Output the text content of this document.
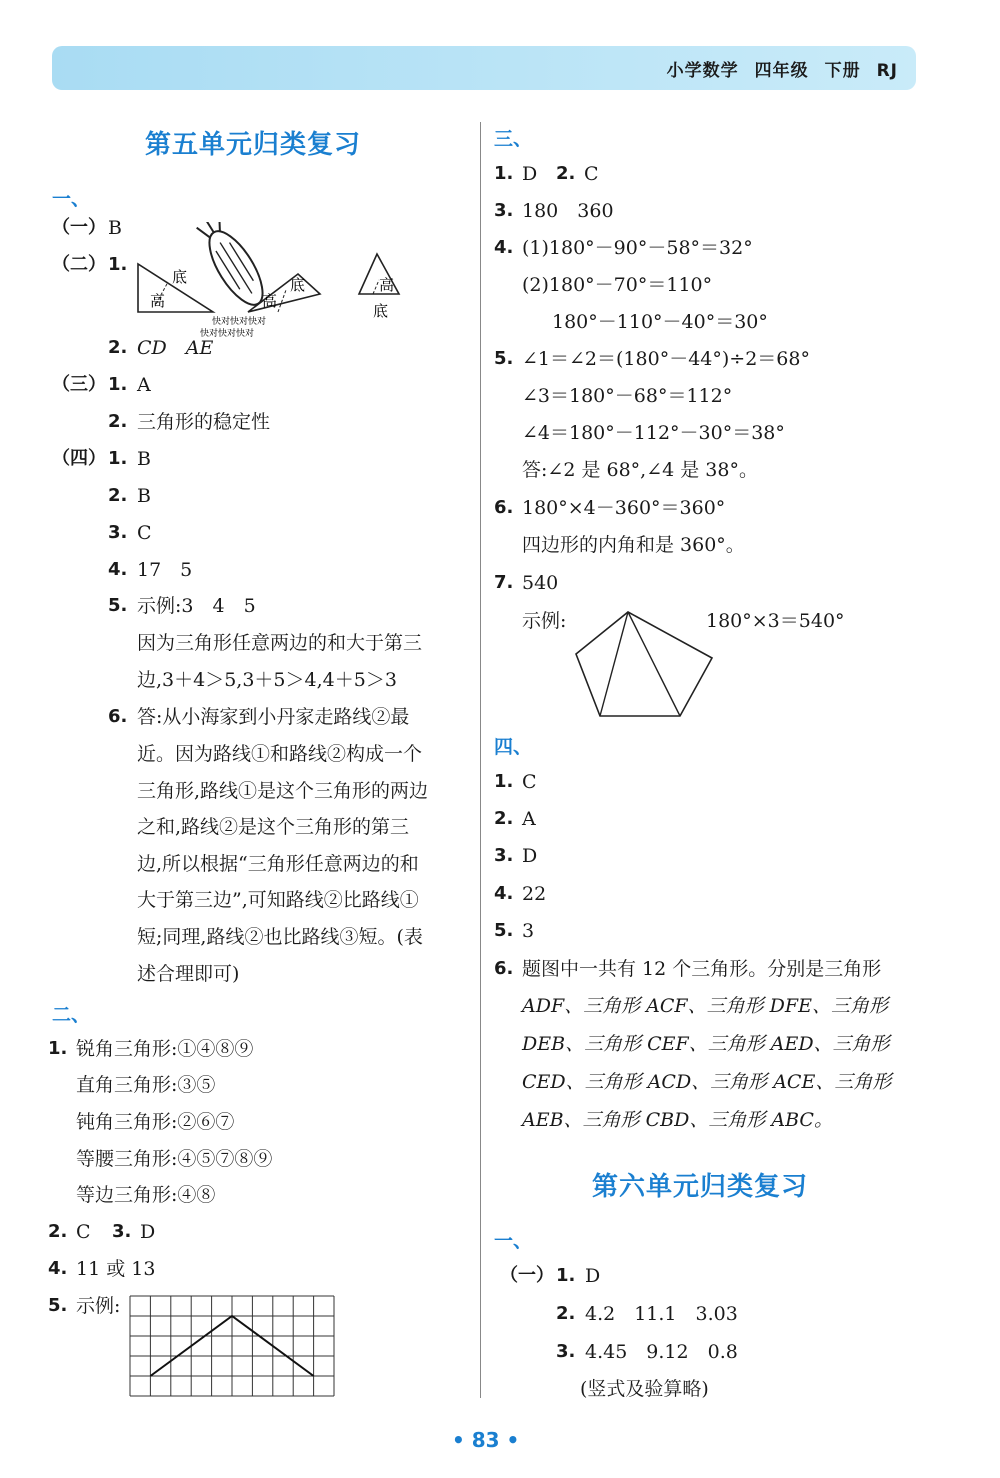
小学数学 四年级 下册 RJ
第五单元归类复习
一、
（一） B
（二） 1.
底
高
底
高
快对快对快对
快对快对快对
高
底
2. CD　AE
（三） 1. A
2. 三角形的稳定性
（四） 1. B
2. B
3. C
4. 17　5
5. 示例:3　4　5
因为三角形任意两边的和大于第三
边,3＋4＞5,3＋5＞4,4＋5＞3
6. 答:从小海家到小丹家走路线②最
近。因为路线①和路线②构成一个
三角形,路线①是这个三角形的两边
之和,路线②是这个三角形的第三
边,所以根据“三角形任意两边的和
大于第三边”,可知路线②比路线①
短;同理,路线②也比路线③短。(表
述合理即可)
二、
1. 锐角三角形:①④⑧⑨
直角三角形:③⑤
钝角三角形:②⑥⑦
等腰三角形:④⑤⑦⑧⑨
等边三角形:④⑧
2. C 3. D
4. 11 或 13
5. 示例:
三、
1. D 2. C
3. 180　360
4. (1)180°－90°－58°＝32°
(2)180°－70°＝110°
180°－110°－40°＝30°
5. ∠1＝∠2＝(180°－44°)÷2＝68°
∠3＝180°－68°＝112°
∠4＝180°－112°－30°＝38°
答:∠2 是 68°,∠4 是 38°。
6. 180°×4－360°＝360°
四边形的内角和是 360°。
7. 540
示例:	180°×3＝540°
四、
1. C
2. A
3. D
4. 22
5. 3
6. 题图中一共有 12 个三角形。分别是三角形
ADF、三角形 ACF、三角形 DFE、三角形
DEB、三角形 CEF、三角形 AED、三角形
CED、三角形 ACD、三角形 ACE、三角形
AEB、三角形 CBD、三角形 ABC。
第六单元归类复习
一、
（一） 1. D
2. 4.2　11.1　3.03
3. 4.45　9.12　0.8
(竖式及验算略)
• 83 •
